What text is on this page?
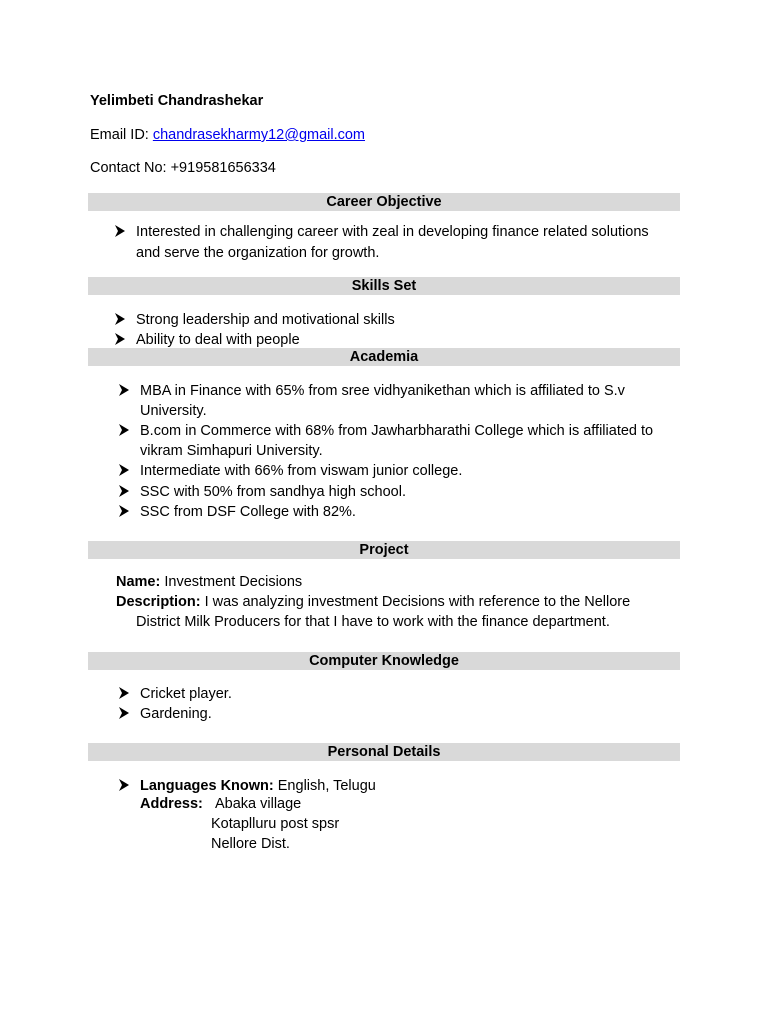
Yelimbeti Chandrashekar
Email ID: chandrasekharmy12@gmail.com
Contact No: +919581656334
Career Objective
Interested in challenging career with zeal in developing finance related solutions
and serve the organization for growth.
Skills Set
Strong leadership and motivational skills
Ability to deal with people
Academia
MBA in Finance with 65% from sree vidhyanikethan which is affiliated to S.v
University.
B.com in Commerce with 68% from Jawharbharathi College which is affiliated to
vikram Simhapuri University.
Intermediate with 66% from viswam junior college.
SSC with 50% from sandhya high school.
SSC from DSF College with 82%.
Project
Name: Investment Decisions
Description: I was analyzing investment Decisions with reference to the Nellore
District Milk Producers for that I have to work with the finance department.
Computer Knowledge
Cricket player.
Gardening.
Personal Details
Languages Known: English, Telugu
Address: Abaka village
Kotaplluru post spsr
Nellore Dist.
